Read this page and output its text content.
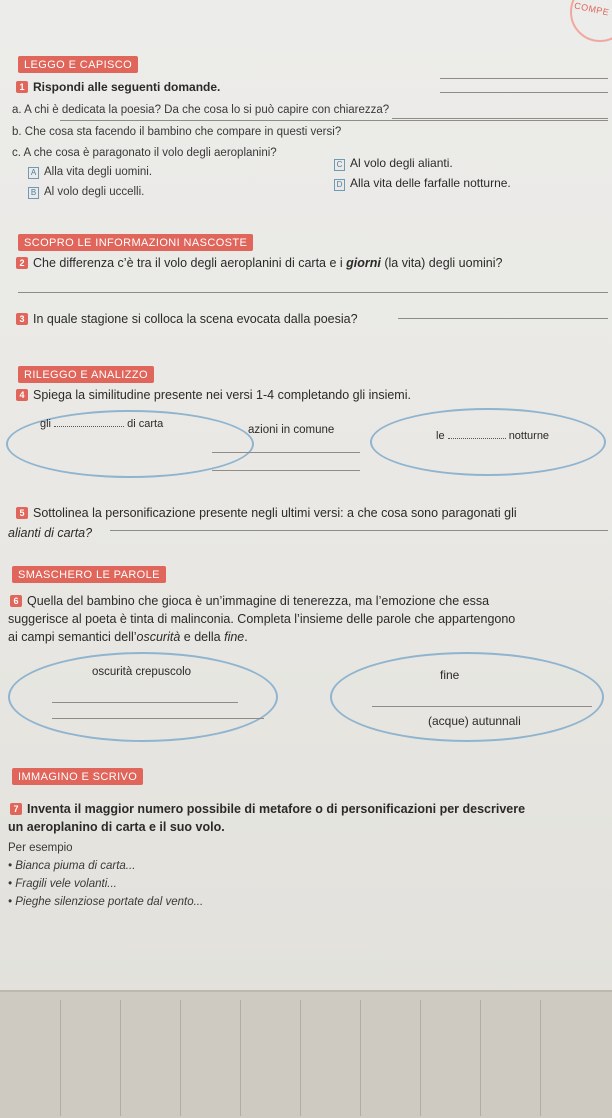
COMPE
LEGGO E CAPISCO
1 Rispondi alle seguenti domande.
a. A chi è dedicata la poesia? Da che cosa lo si può capire con chiarezza?
b. Che cosa sta facendo il bambino che compare in questi versi?
c. A che cosa è paragonato il volo degli aeroplanini?
A Alla vita degli uomini.
B Al volo degli uccelli.
C Al volo degli alianti.
D Alla vita delle farfalle notturne.
SCOPRO LE INFORMAZIONI NASCOSTE
2 Che differenza c’è tra il volo degli aeroplanini di carta e i giorni (la vita) degli uomini?
3 In quale stagione si colloca la scena evocata dalla poesia?
RILEGGO E ANALIZZO
4 Spiega la similitudine presente nei versi 1-4 completando gli insiemi.
gli	di carta	azioni in comune	le	notturne
5 Sottolinea la personificazione presente negli ultimi versi: a che cosa sono paragonati gli
alianti di carta?
SMASCHERO LE PAROLE
6 Quella del bambino che gioca è un’immagine di tenerezza, ma l’emozione che essa
suggerisce al poeta è tinta di malinconia. Completa l’insieme delle parole che appartengono
ai campi semantici dell’oscurità e della fine.
oscurità crepuscolo	fine
(acque) autunnali
IMMAGINO E SCRIVO
7 Inventa il maggior numero possibile di metafore o di personificazioni per descrivere
un aeroplanino di carta e il suo volo.
Per esempio
• Bianca piuma di carta...
• Fragili vele volanti...
• Pieghe silenziose portate dal vento...
